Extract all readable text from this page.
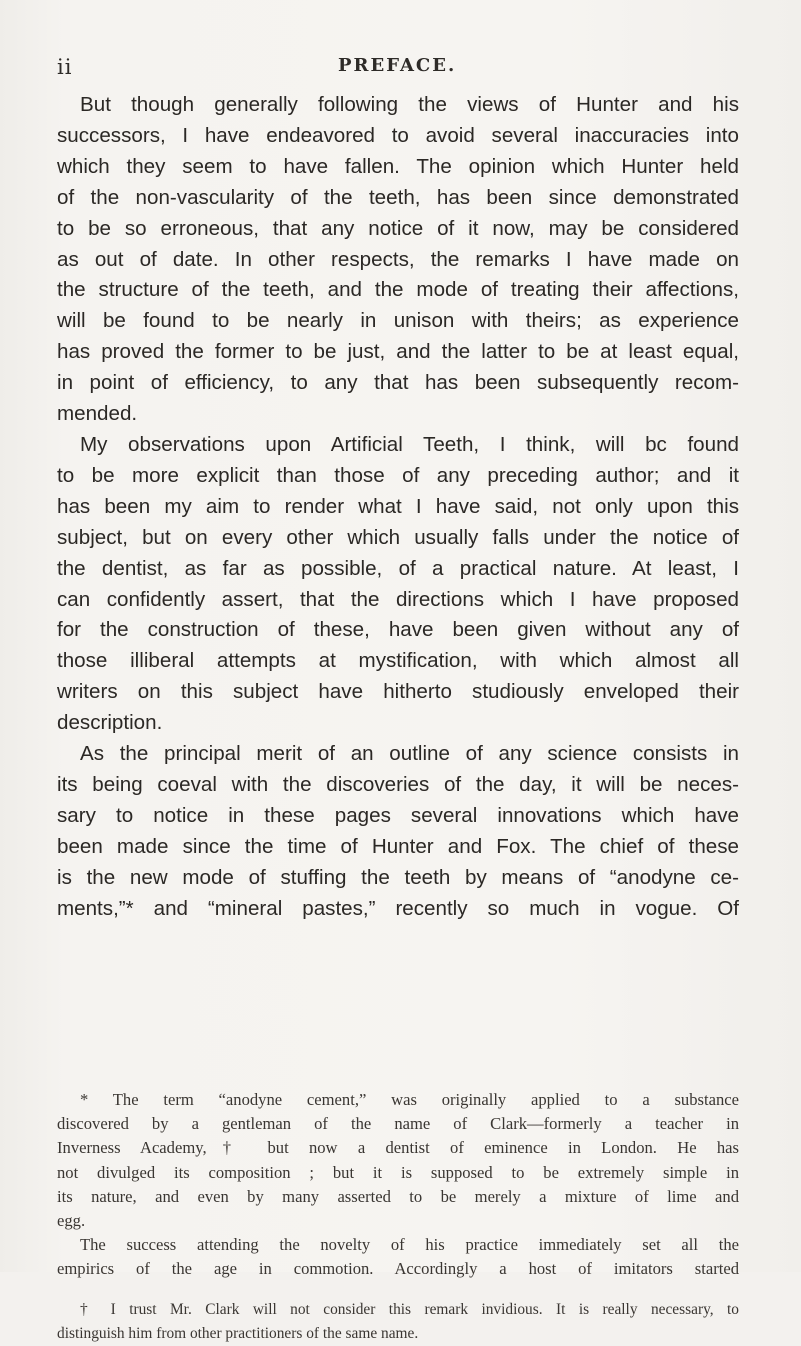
ii	PREFACE.
But though generally following the views of Hunter and his
successors, I have endeavored to avoid several inaccuracies into
which they seem to have fallen. The opinion which Hunter held
of the non-vascularity of the teeth, has been since demonstrated
to be so erroneous, that any notice of it now, may be considered
as out of date. In other respects, the remarks I have made on
the structure of the teeth, and the mode of treating their affections,
will be found to be nearly in unison with theirs; as experience
has proved the former to be just, and the latter to be at least equal,
in point of efficiency, to any that has been subsequently recom-
mended.
My observations upon Artificial Teeth, I think, will bc found
to be more explicit than those of any preceding author; and it
has been my aim to render what I have said, not only upon this
subject, but on every other which usually falls under the notice of
the dentist, as far as possible, of a practical nature. At least, I
can confidently assert, that the directions which I have proposed
for the construction of these, have been given without any of
those illiberal attempts at mystification, with which almost all
writers on this subject have hitherto studiously enveloped their
description.
As the principal merit of an outline of any science consists in
its being coeval with the discoveries of the day, it will be neces-
sary to notice in these pages several innovations which have
been made since the time of Hunter and Fox. The chief of these
is the new mode of stuffing the teeth by means of “anodyne ce-
ments,”* and “mineral pastes,” recently so much in vogue. Of
* The term “anodyne cement,” was originally applied to a substance
discovered by a gentleman of the name of Clark—formerly a teacher in
Inverness Academy,† but now a dentist of eminence in London. He has
not divulged its composition ; but it is supposed to be extremely simple in
its nature, and even by many asserted to be merely a mixture of lime and
egg.
The success attending the novelty of his practice immediately set all the
empirics of the age in commotion. Accordingly a host of imitators started
† I trust Mr. Clark will not consider this remark invidious. It is really necessary, to
distinguish him from other practitioners of the same name.
